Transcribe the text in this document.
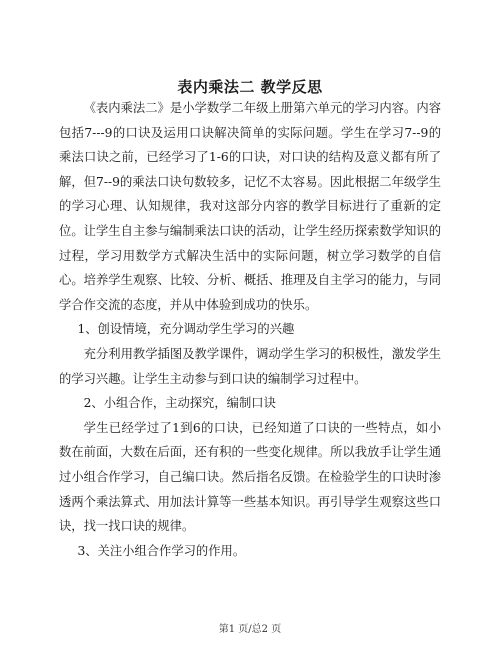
表内乘法二 教学反思

《表内乘法二》是小学数学二年级上册第六单元的学习内容。内容包括7---9的口诀及运用口诀解决简单的实际问题。学生在学习7--9的乘法口诀之前，已经学习了1-6的口诀，对口诀的结构及意义都有所了解，但7--9的乘法口诀句数较多，记忆不太容易。因此根据二年级学生的学习心理、认知规律，我对这部分内容的教学目标进行了重新的定位。让学生自主参与编制乘法口诀的活动，让学生经历探索数学知识的过程，学习用数学方式解决生活中的实际问题，树立学习数学的自信心。培养学生观察、比较、分析、概括、推理及自主学习的能力，与同学合作交流的态度，并从中体验到成功的快乐。

1、创设情境，充分调动学生学习的兴趣

充分利用教学插图及教学课件，调动学生学习的积极性，激发学生的学习兴趣。让学生主动参与到口诀的编制学习过程中。

2、小组合作，主动探究，编制口诀

学生已经学过了1到6的口诀，已经知道了口诀的一些特点，如小数在前面，大数在后面，还有积的一些变化规律。所以我放手让学生通过小组合作学习，自己编口诀。然后指名反馈。在检验学生的口诀时渗透两个乘法算式、用加法计算等一些基本知识。再引导学生观察这些口诀，找一找口诀的规律。

3、关注小组合作学习的作用。

第1 页/总2 页
